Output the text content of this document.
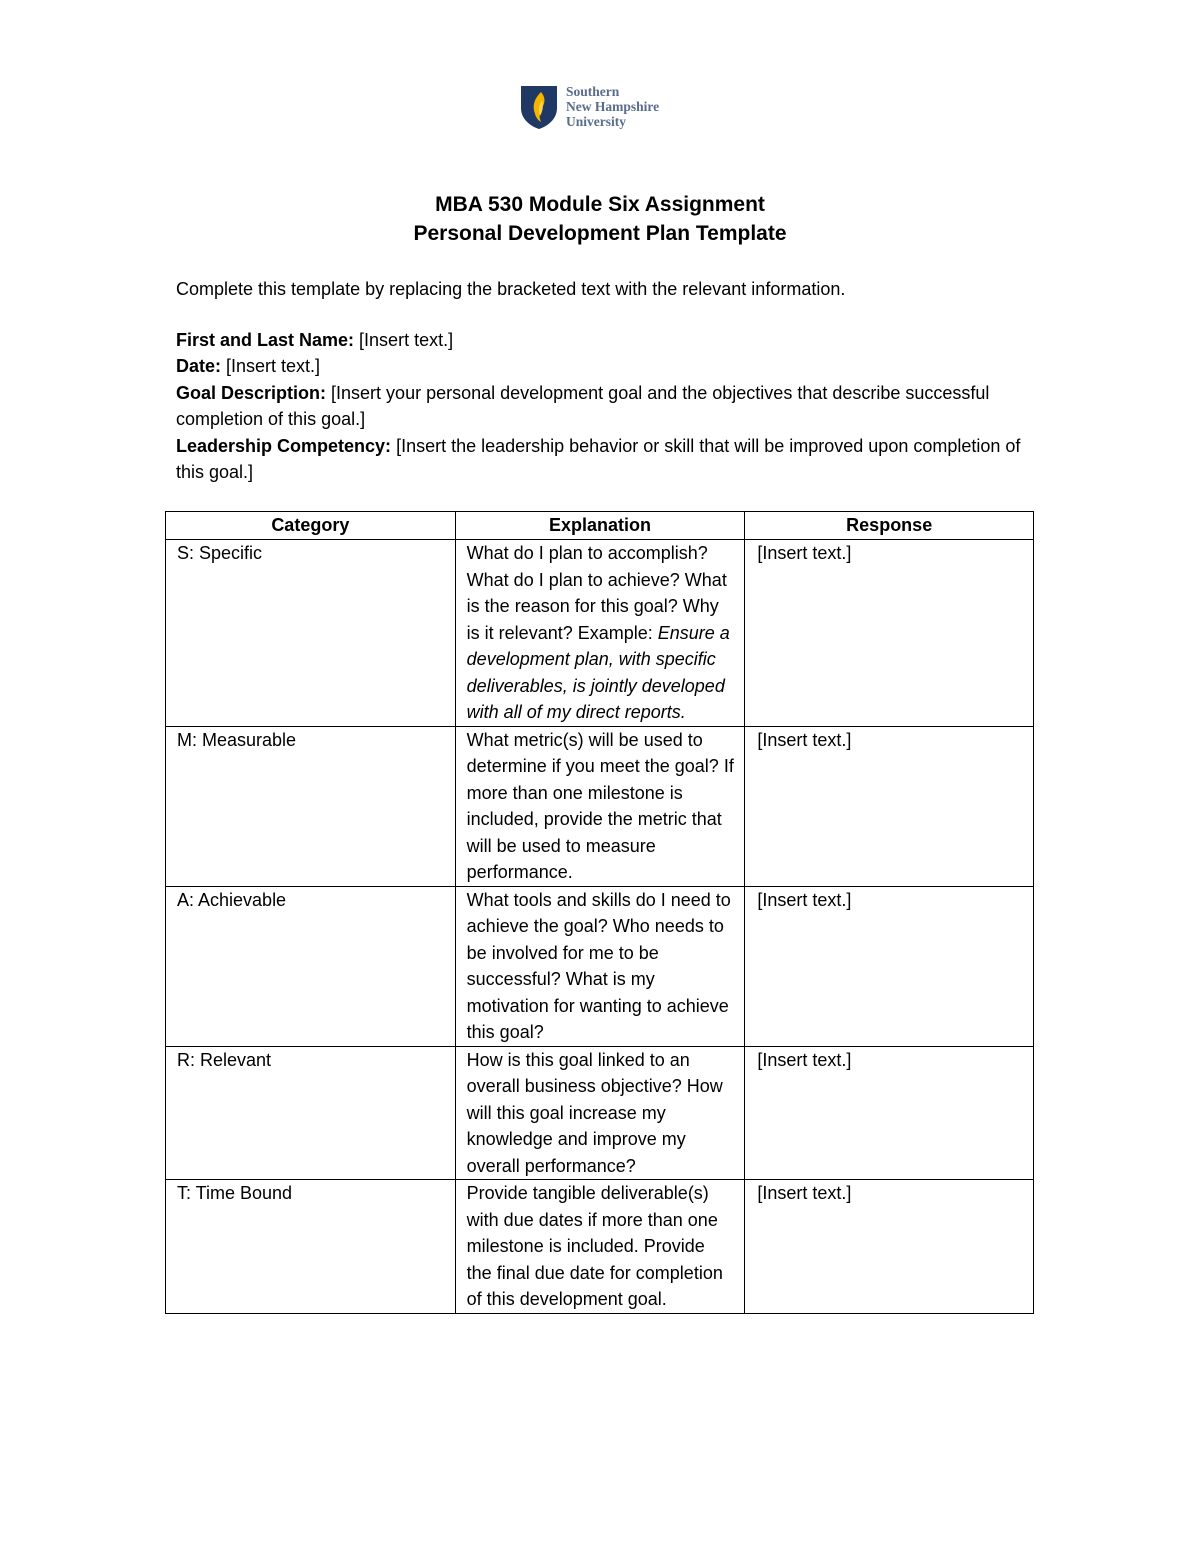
Southern
New Hampshire
University
MBA 530 Module Six Assignment
Personal Development Plan Template

Complete this template by replacing the bracketed text with the relevant information.

First and Last Name: [Insert text.]

Date: [Insert text.]

Goal Description: [Insert your personal development goal and the objectives that describe successful completion of this goal.]

Leadership Competency: [Insert the leadership behavior or skill that will be improved upon completion of this goal.]

Category	Explanation	Response
S: Specific	What do I plan to accomplish? What do I plan to achieve? What is the reason for this goal? Why is it relevant? Example: Ensure a development plan, with specific deliverables, is jointly developed with all of my direct reports.	[Insert text.]
M: Measurable	What metric(s) will be used to determine if you meet the goal? If more than one milestone is included, provide the metric that will be used to measure performance.	[Insert text.]
A: Achievable	What tools and skills do I need to achieve the goal? Who needs to be involved for me to be successful? What is my motivation for wanting to achieve this goal?	[Insert text.]
R: Relevant	How is this goal linked to an overall business objective? How will this goal increase my knowledge and improve my overall performance?	[Insert text.]
T: Time Bound	Provide tangible deliverable(s) with due dates if more than one milestone is included. Provide the final due date for completion of this development goal.	[Insert text.]
